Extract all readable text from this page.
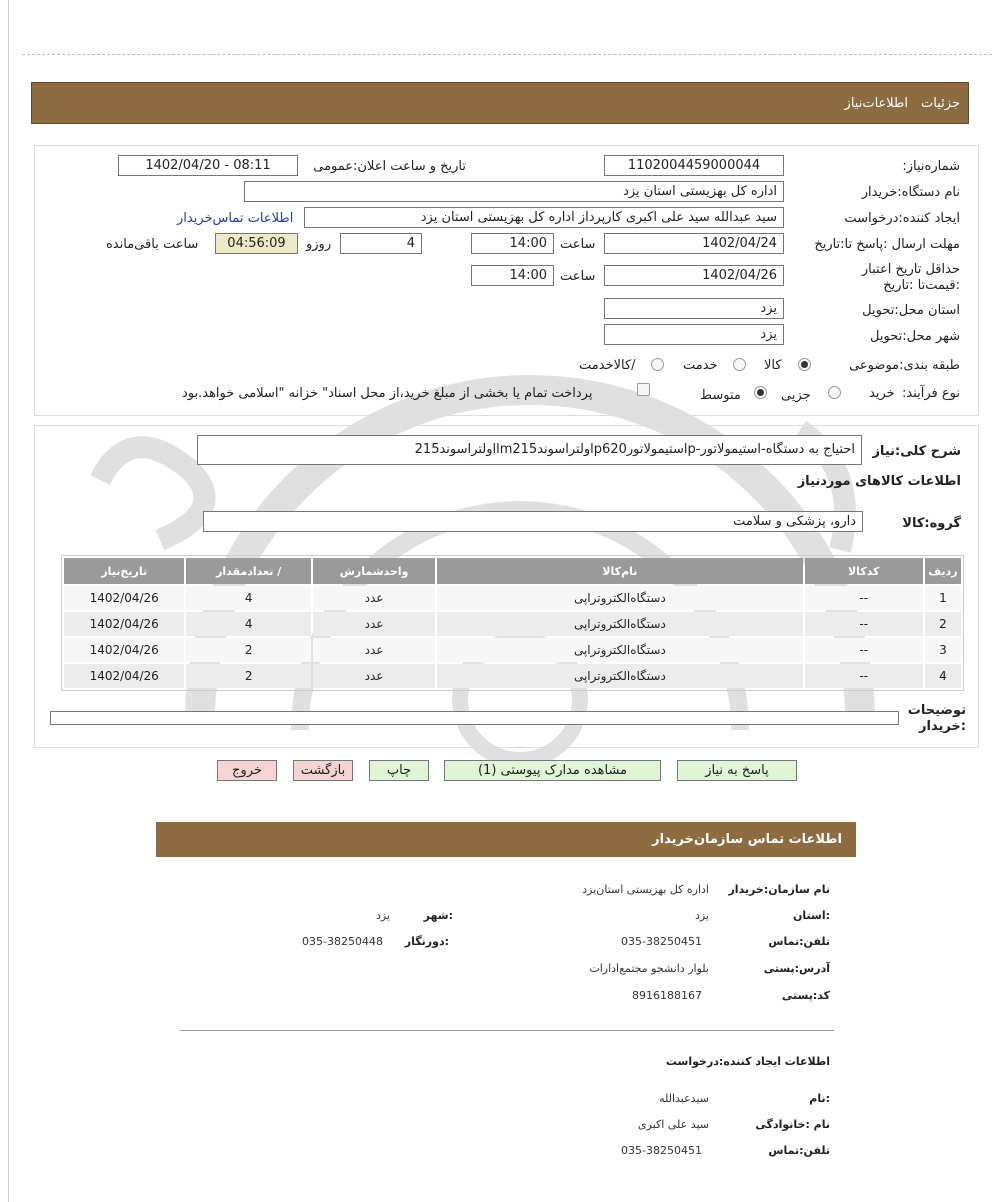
جزئیات
اطلاعات‌نیاز
شماره‌نیاز:
1102004459000044
تاریخ و ساعت اعلان:عمومی
1402/04/20 - 08:11
نام دستگاه:خریدار
اداره کل بهزیستی استان یزد
ایجاد کننده:درخواست
سید عبدالله سید علی اکبری کارپرداز اداره کل بهزیستی استان یزد
اطلاعات تماس‌خریدار
مهلت ارسال :پاسخ تا:تاریخ
1402/04/24
ساعت
14:00
4
روزو
04:56:09
ساعت باقی‌مانده
حداقل تاریخ اعتبار :قیمت‌تا :تاریخ
1402/04/26
ساعت
14:00
استان محل:تحویل
یزد
شهر محل:تحویل
یزد
طبقه بندی:موضوعی
کالا
خدمت
/کالاخدمت
نوع فرآیند:
خرید
جزیی
متوسط
پرداخت تمام یا بخشی از مبلغ خرید،از محل اسناد" خزانه "اسلامی خواهد.بود
شرح کلی:نیاز
احتیاج به دستگاه-استیمولاتور-pاستیمولاتورp620اولتراسوندlm215اولتراسوند215
اطلاعات کالاهای موردنیاز
گروه:کالا
دارو، پزشکی و سلامت
ردیف	کدکالا	نام‌کالا	واحدشمارش	/ تعدادمقدار	تاریخ‌نیاز
1	--	دستگاه‌الکتروتراپی	عدد	4	1402/04/26
2	--	دستگاه‌الکتروتراپی	عدد	4	1402/04/26
3	--	دستگاه‌الکتروتراپی	عدد	2	1402/04/26
4	--	دستگاه‌الکتروتراپی	عدد	2	1402/04/26
توضیحات :خریدار
پاسخ به نیاز
مشاهده مدارک پیوستی (1)
چاپ
بازگشت
خروج
اطلاعات تماس سازمان‌خریدار
نام سازمان:خریدار
اداره کل بهزیستی استان‌یزد
:استان
یزد
:شهر
یزد
تلفن:تماس
035-38250451
:دورنگار
035-38250448
آدرس:پستی
بلوار دانشجو مجتمع‌ادارات
کد:پستی
8916188167
اطلاعات ایجاد کننده:درخواست
:نام
سیدعبدالله
نام :خانوادگی
سید علی اکبری
تلفن:تماس
035-38250451
